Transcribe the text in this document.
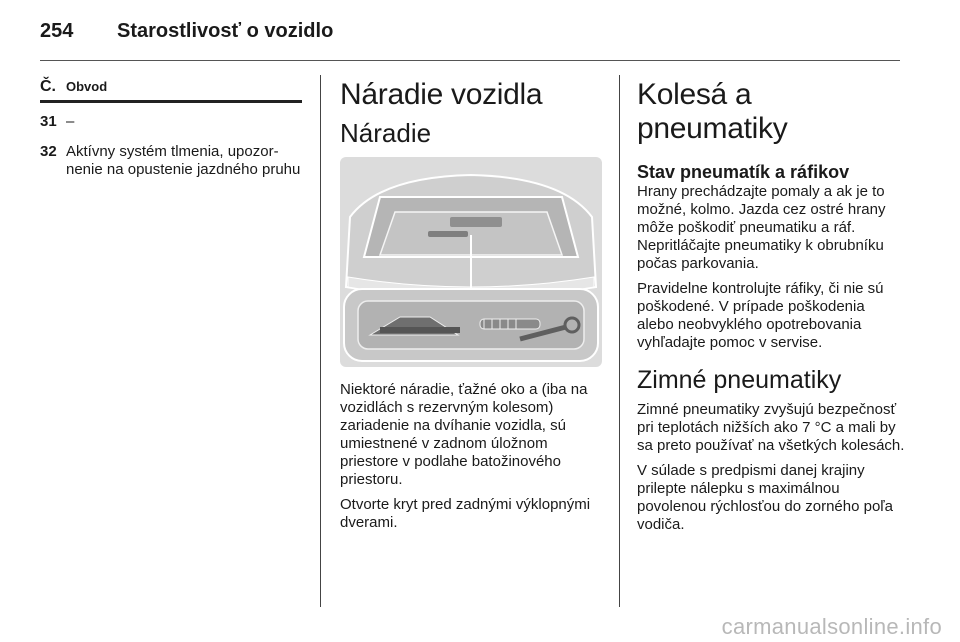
254 Starostlivosť o vozidlo
Č. Obvod
31 –
32 Aktívny systém tlmenia, upozornenie na opustenie jazdného pruhu
Náradie vozidla
Náradie

Niektoré náradie, ťažné oko a (iba na vozidlách s rezervným kolesom) zariadenie na dvíhanie vozidla, sú umiestnené v zadnom úložnom priestore v podlahe batožinového priestoru.

Otvorte kryt pred zadnými výklopnými dverami.

Kolesá a pneumatiky
Stav pneumatík a ráfikov

Hrany prechádzajte pomaly a ak je to možné, kolmo. Jazda cez ostré hrany môže poškodiť pneumatiku a ráf. Nepritláčajte pneumatiky k obrubníku počas parkovania.

Pravidelne kontrolujte ráfiky, či nie sú poškodené. V prípade poškodenia alebo neobvyklého opotrebovania vyhľadajte pomoc v servise.

Zimné pneumatiky

Zimné pneumatiky zvyšujú bezpečnosť pri teplotách nižších ako 7 °C a mali by sa preto používať na všetkých kolesách.

V súlade s predpismi danej krajiny prilepte nálepku s maximálnou povolenou rýchlosťou do zorného poľa vodiča.

carmanualsonline.info
